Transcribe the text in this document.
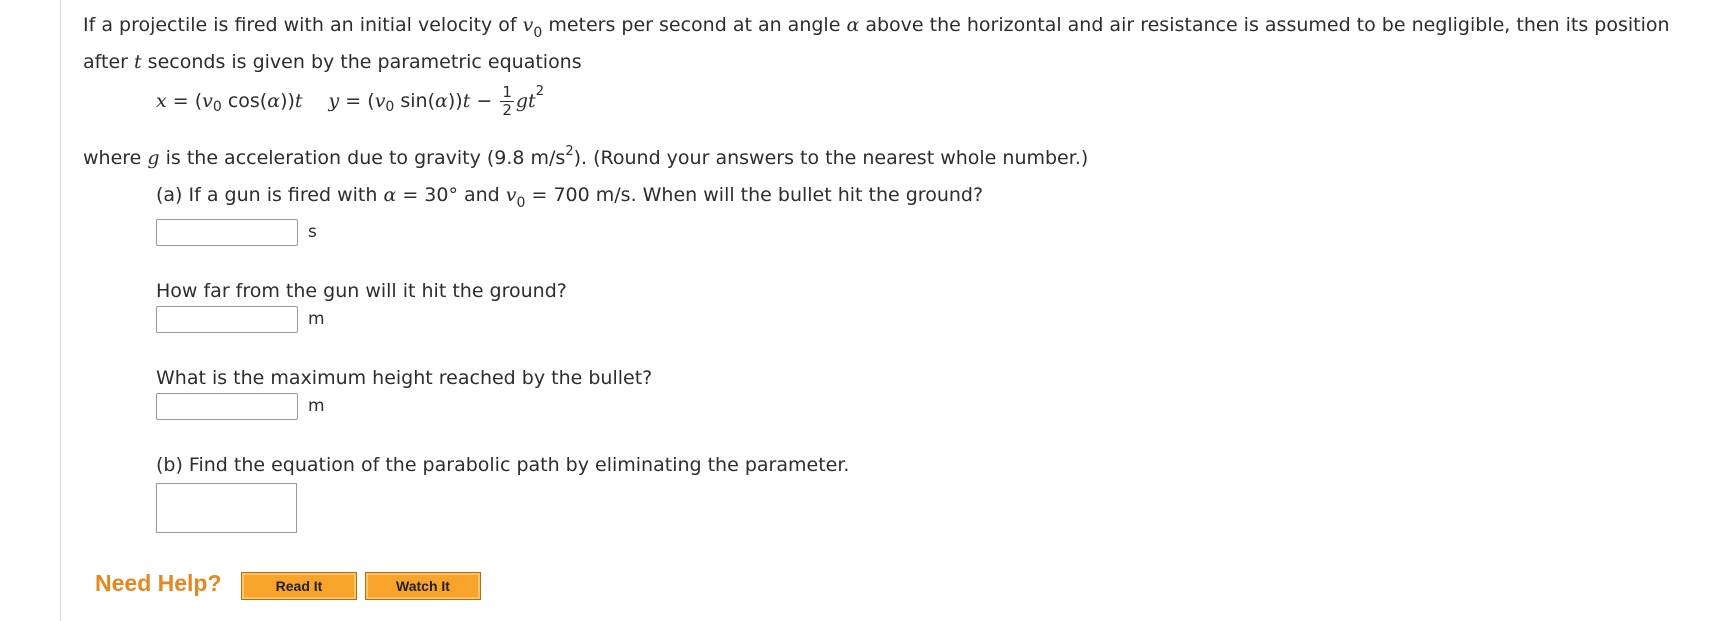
If a projectile is fired with an initial velocity of $v_0$ meters per second at an angle α above the horizontal and air resistance is assumed to be negligible, then its position after t seconds is given by the parametric equations
x = ( v 0 cos( α )) t y = ( v 0 sin( α )) $t - \frac{1}{2}$ gt 2
where g is the acceleration due to gravity (9.8 $m/s^2$). (Round your answers to the nearest whole number.)
(a) If a gun is fired with α = 30° and $v_0 = 700$ m/s. When will the bullet hit the ground?
s
How far from the gun will it hit the ground?
m
What is the maximum height reached by the bullet?
m
(b) Find the equation of the parabolic path by eliminating the parameter.
Need Help?	Read It	Watch It
